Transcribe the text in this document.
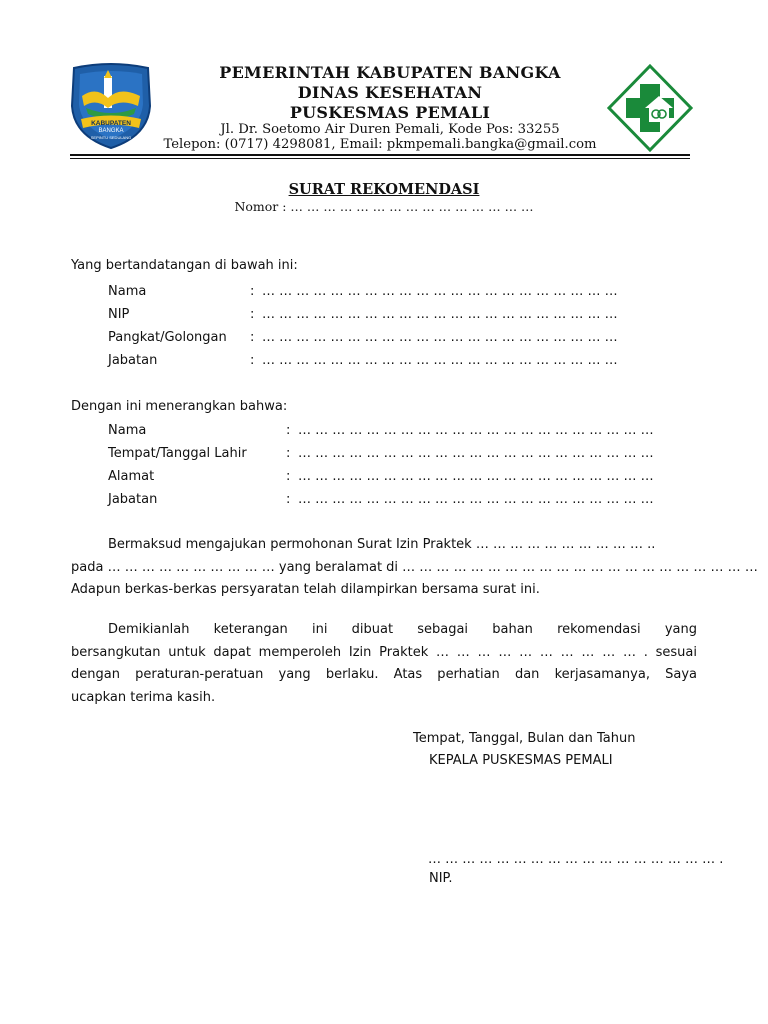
KABUPATEN
BANGKA
SEPINTU SEDULANG
PEMERINTAH KABUPATEN BANGKA
DINAS KESEHATAN
PUSKESMAS PEMALI
Jl. Dr. Soetomo Air Duren Pemali, Kode Pos: 33255
Telepon: (0717) 4298081, Email: pkmpemali.bangka@gmail.com
SURAT REKOMENDASI
Nomor : … … … … … … … … … … … … … … …
Yang bertandatangan di bawah ini:
Nama	: … … … … … … … … … … … … … … … … … … … … …
NIP	: … … … … … … … … … … … … … … … … … … … … …
Pangkat/Golongan : … … … … … … … … … … … … … … … … … … … … …
Jabatan	: … … … … … … … … … … … … … … … … … … … … …
Dengan ini menerangkan bahwa:
Nama	: … … … … … … … … … … … … … … … … … … … … …
Tempat/Tanggal Lahir	: … … … … … … … … … … … … … … … … … … … … …
Alamat	: … … … … … … … … … … … … … … … … … … … … …
Jabatan	: … … … … … … … … … … … … … … … … … … … … …
Bermaksud mengajukan permohonan Surat Izin Praktek … … … … … … … … … … ..
pada … … … … … … … … … … yang beralamat di … … … … … … … … … … … … … … … … … … … … …
Adapun berkas-berkas persyaratan telah dilampirkan bersama surat ini.
Demikianlah keterangan ini dibuat sebagai bahan rekomendasi yang
bersangkutan untuk dapat memperoleh Izin Praktek … … … … … … … … … … . sesuai
dengan peraturan-peratuan yang berlaku. Atas perhatian dan kerjasamanya, Saya
ucapkan terima kasih.
Tempat, Tanggal, Bulan dan Tahun
KEPALA PUSKESMAS PEMALI
… … … … … … … … … … … … … … … … … .
NIP.
